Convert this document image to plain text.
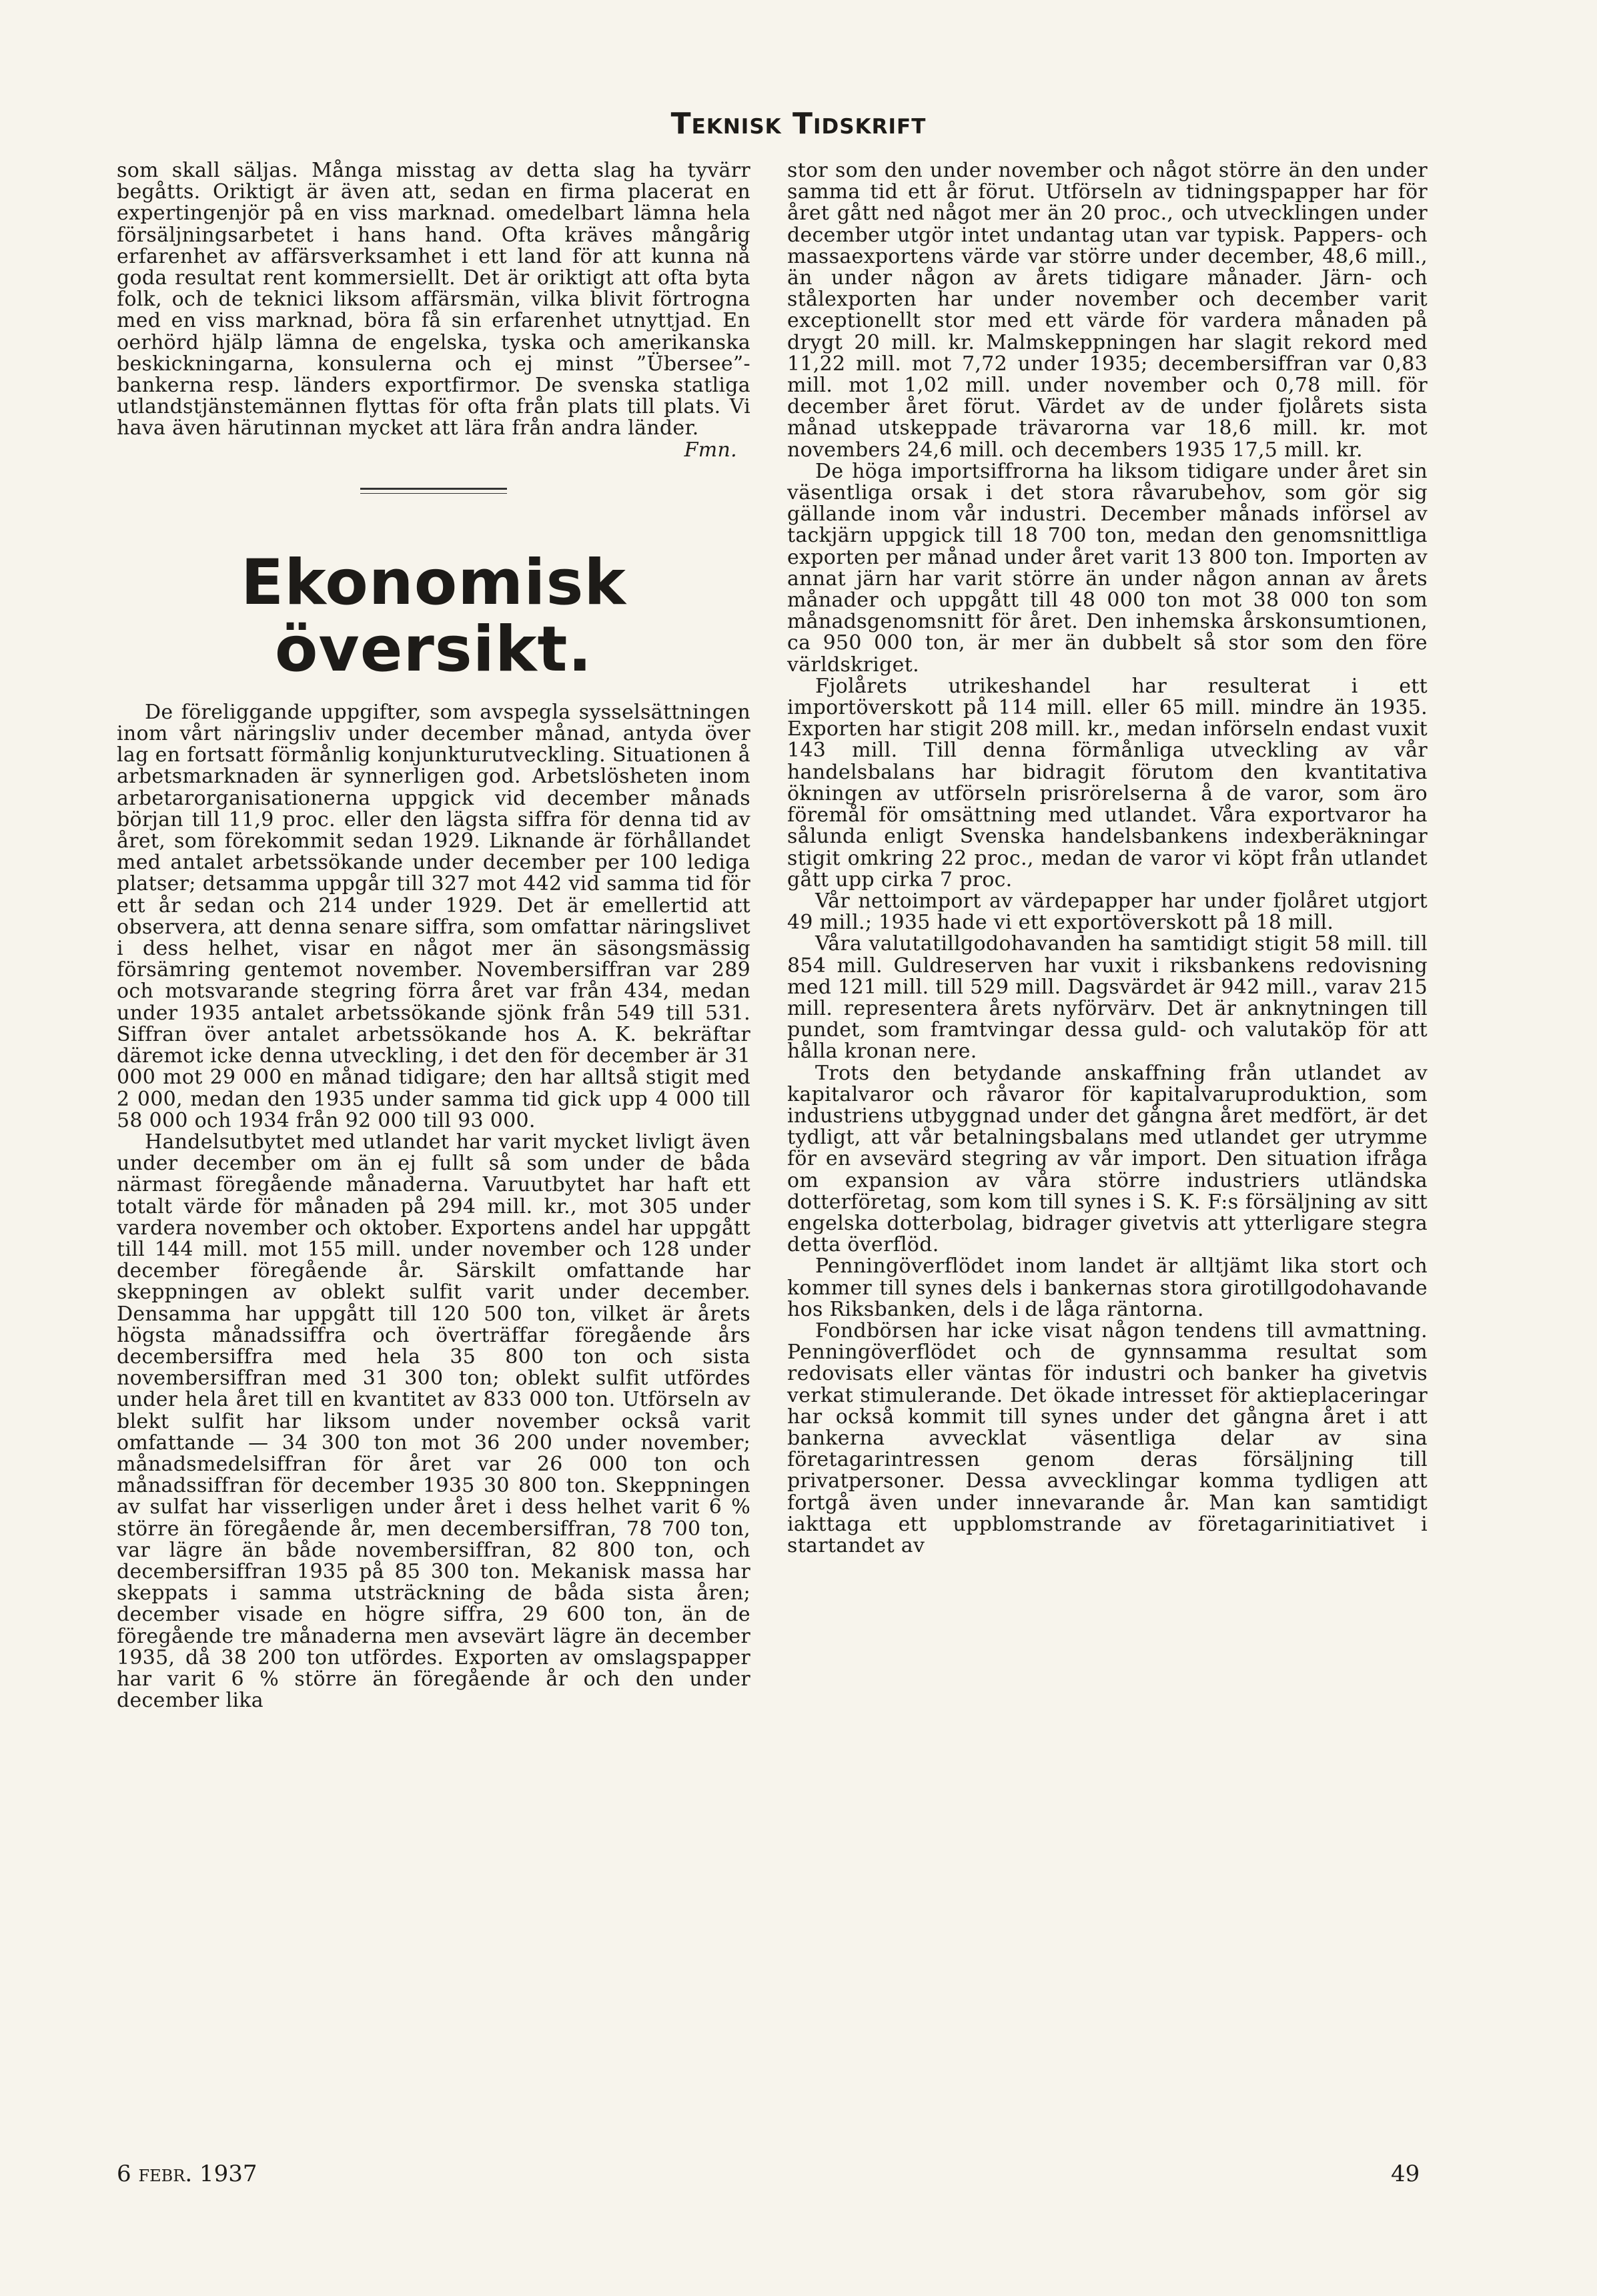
Teknisk Tidskrift

som skall säljas. Många misstag av detta slag ha tyvärr begåtts. Oriktigt är även att, sedan en firma placerat en expertingenjör på en viss marknad. omedelbart lämna hela försäljningsarbetet i hans hand. Ofta kräves mångårig erfarenhet av affärsverksamhet i ett land för att kunna nå goda resultat rent kommersiellt. Det är oriktigt att ofta byta folk, och de teknici liksom affärsmän, vilka blivit förtrogna med en viss marknad, böra få sin erfarenhet utnyttjad. En oerhörd hjälp lämna de engelska, tyska och amerikanska beskickningarna, konsulerna och ej minst ”Übersee”-bankerna resp. länders exportfirmor. De svenska statliga utlandstjänstemännen flyttas för ofta från plats till plats. Vi hava även härutinnan mycket att lära från andra länder.
Fmn.

Ekonomisk översikt.

De föreliggande uppgifter, som avspegla sysselsättningen inom vårt näringsliv under december månad, antyda över lag en fortsatt förmånlig konjunkturutveckling. Situationen å arbetsmarknaden är synnerligen god. Arbetslösheten inom arbetarorganisationerna uppgick vid december månads början till 11,9 proc. eller den lägsta siffra för denna tid av året, som förekommit sedan 1929. Liknande är förhållandet med antalet arbetssökande under december per 100 lediga platser; detsamma uppgår till 327 mot 442 vid samma tid för ett år sedan och 214 under 1929. Det är emellertid att observera, att denna senare siffra, som omfattar näringslivet i dess helhet, visar en något mer än säsongsmässig försämring gentemot november. Novembersiffran var 289 och motsvarande stegring förra året var från 434, medan under 1935 antalet arbetssökande sjönk från 549 till 531. Siffran över antalet arbetssökande hos A. K. bekräftar däremot icke denna utveckling, i det den för december är 31 000 mot 29 000 en månad tidigare; den har alltså stigit med 2 000, medan den 1935 under samma tid gick upp 4 000 till 58 000 och 1934 från 92 000 till 93 000.

Handelsutbytet med utlandet har varit mycket livligt även under december om än ej fullt så som under de båda närmast föregående månaderna. Varuutbytet har haft ett totalt värde för månaden på 294 mill. kr., mot 305 under vardera november och oktober. Exportens andel har uppgått till 144 mill. mot 155 mill. under november och 128 under december föregående år. Särskilt omfattande har skeppningen av oblekt sulfit varit under december. Densamma har uppgått till 120 500 ton, vilket är årets högsta månadssiffra och överträffar föregående års decembersiffra med hela 35 800 ton och sista novembersiffran med 31 300 ton; oblekt sulfit utfördes under hela året till en kvantitet av 833 000 ton. Utförseln av blekt sulfit har liksom under november också varit omfattande — 34 300 ton mot 36 200 under november; månadsmedelsiffran för året var 26 000 ton och månadssiffran för december 1935 30 800 ton. Skeppningen av sulfat har visserligen under året i dess helhet varit 6 % större än föregående år, men decembersiffran, 78 700 ton, var lägre än både novembersiffran, 82 800 ton, och decembersiffran 1935 på 85 300 ton. Mekanisk massa har skeppats i samma utsträckning de båda sista åren; december visade en högre siffra, 29 600 ton, än de föregående tre månaderna men avsevärt lägre än december 1935, då 38 200 ton utfördes. Exporten av omslagspapper har varit 6 % större än föregående år och den under december lika

stor som den under november och något större än den under samma tid ett år förut. Utförseln av tidningspapper har för året gått ned något mer än 20 proc., och utvecklingen under december utgör intet undantag utan var typisk. Pappers- och massaexportens värde var större under december, 48,6 mill., än under någon av årets tidigare månader. Järn- och stålexporten har under november och december varit exceptionellt stor med ett värde för vardera månaden på drygt 20 mill. kr. Malmskeppningen har slagit rekord med 11,22 mill. mot 7,72 under 1935; decembersiffran var 0,83 mill. mot 1,02 mill. under november och 0,78 mill. för december året förut. Värdet av de under fjolårets sista månad utskeppade trävarorna var 18,6 mill. kr. mot novembers 24,6 mill. och decembers 1935 17,5 mill. kr.

De höga importsiffrorna ha liksom tidigare under året sin väsentliga orsak i det stora råvarubehov, som gör sig gällande inom vår industri. December månads införsel av tackjärn uppgick till 18 700 ton, medan den genomsnittliga exporten per månad under året varit 13 800 ton. Importen av annat järn har varit större än under någon annan av årets månader och uppgått till 48 000 ton mot 38 000 ton som månadsgenomsnitt för året. Den inhemska årskonsumtionen, ca 950 000 ton, är mer än dubbelt så stor som den före världskriget.

Fjolårets utrikeshandel har resulterat i ett importöverskott på 114 mill. eller 65 mill. mindre än 1935. Exporten har stigit 208 mill. kr., medan införseln endast vuxit 143 mill. Till denna förmånliga utveckling av vår handelsbalans har bidragit förutom den kvantitativa ökningen av utförseln prisrörelserna å de varor, som äro föremål för omsättning med utlandet. Våra exportvaror ha sålunda enligt Svenska handelsbankens indexberäkningar stigit omkring 22 proc., medan de varor vi köpt från utlandet gått upp cirka 7 proc.

Vår nettoimport av värdepapper har under fjolåret utgjort 49 mill.; 1935 hade vi ett exportöverskott på 18 mill.

Våra valutatillgodohavanden ha samtidigt stigit 58 mill. till 854 mill. Guldreserven har vuxit i riksbankens redovisning med 121 mill. till 529 mill. Dagsvärdet är 942 mill., varav 215 mill. representera årets nyförvärv. Det är anknytningen till pundet, som framtvingar dessa guld- och valutaköp för att hålla kronan nere.

Trots den betydande anskaffning från utlandet av kapitalvaror och råvaror för kapitalvaruproduktion, som industriens utbyggnad under det gångna året medfört, är det tydligt, att vår betalningsbalans med utlandet ger utrymme för en avsevärd stegring av vår import. Den situation ifråga om expansion av våra större industriers utländska dotterföretag, som kom till synes i S. K. F:s försäljning av sitt engelska dotterbolag, bidrager givetvis att ytterligare stegra detta överflöd.

Penningöverflödet inom landet är alltjämt lika stort och kommer till synes dels i bankernas stora girotillgodohavande hos Riksbanken, dels i de låga räntorna.

Fondbörsen har icke visat någon tendens till avmattning. Penningöverflödet och de gynnsamma resultat som redovisats eller väntas för industri och banker ha givetvis verkat stimulerande. Det ökade intresset för aktieplaceringar har också kommit till synes under det gångna året i att bankerna avvecklat väsentliga delar av sina företagarintressen genom deras försäljning till privatpersoner. Dessa avvecklingar komma tydligen att fortgå även under innevarande år. Man kan samtidigt iakttaga ett uppblomstrande av företagarinitiativet i startandet av

6 febr. 1937	49
